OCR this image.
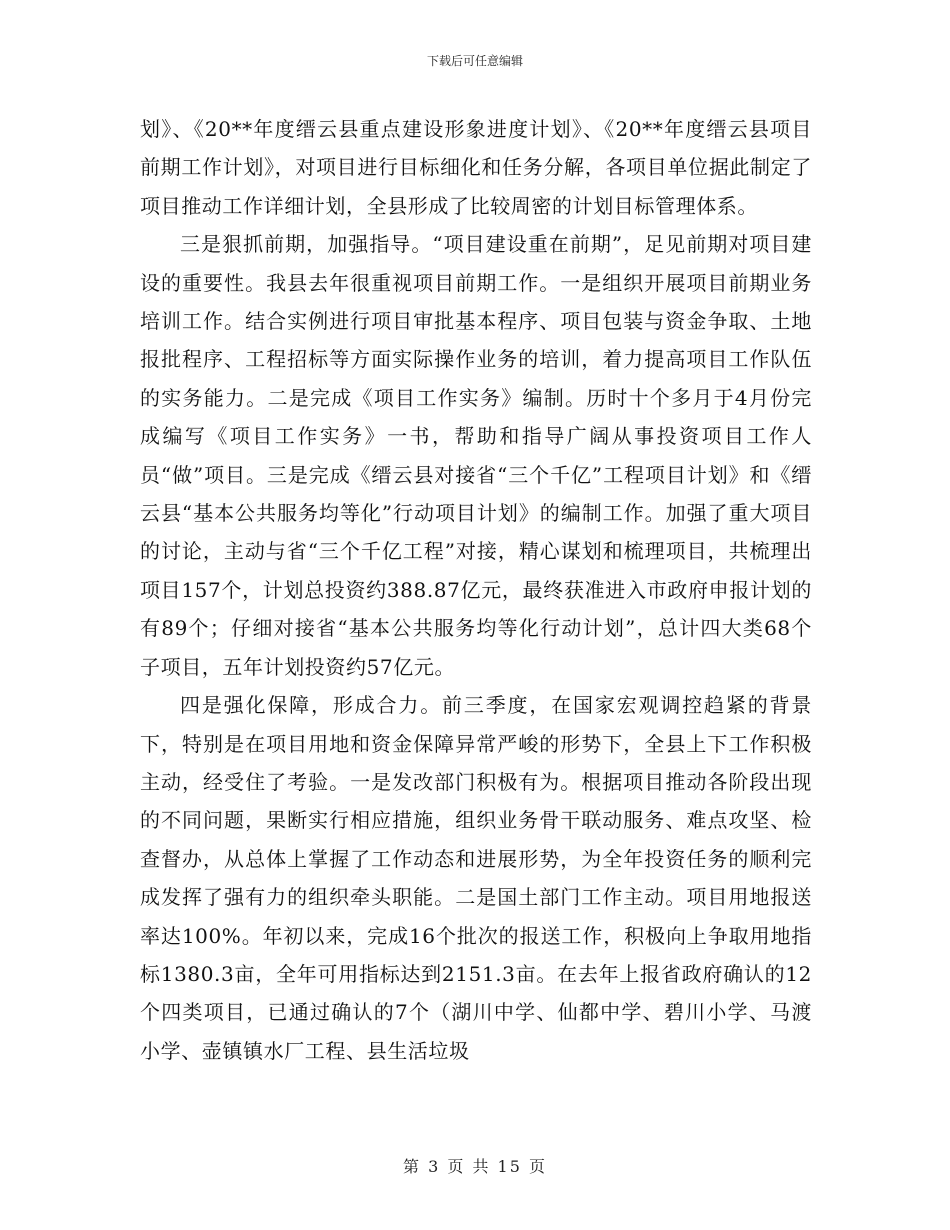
下载后可任意编辑

划》、《20**年度缙云县重点建设形象进度计划》、《20**年度缙云县项目前期工作计划》，对项目进行目标细化和任务分解，各项目单位据此制定了项目推动工作详细计划，全县形成了比较周密的计划目标管理体系。

三是狠抓前期，加强指导。“项目建设重在前期”，足见前期对项目建设的重要性。我县去年很重视项目前期工作。一是组织开展项目前期业务培训工作。结合实例进行项目审批基本程序、项目包装与资金争取、土地报批程序、工程招标等方面实际操作业务的培训，着力提高项目工作队伍的实务能力。二是完成《项目工作实务》编制。历时十个多月于4月份完成编写《项目工作实务》一书，帮助和指导广阔从事投资项目工作人员“做”项目。三是完成《缙云县对接省“三个千亿”工程项目计划》和《缙云县“基本公共服务均等化”行动项目计划》的编制工作。加强了重大项目的讨论，主动与省“三个千亿工程”对接，精心谋划和梳理项目，共梳理出项目157个，计划总投资约388.87亿元，最终获准进入市政府申报计划的有89个；仔细对接省“基本公共服务均等化行动计划”，总计四大类68个子项目，五年计划投资约57亿元。

四是强化保障，形成合力。前三季度，在国家宏观调控趋紧的背景下，特别是在项目用地和资金保障异常严峻的形势下，全县上下工作积极主动，经受住了考验。一是发改部门积极有为。根据项目推动各阶段出现的不同问题，果断实行相应措施，组织业务骨干联动服务、难点攻坚、检查督办，从总体上掌握了工作动态和进展形势，为全年投资任务的顺利完成发挥了强有力的组织牵头职能。二是国土部门工作主动。项目用地报送率达100%。年初以来，完成16个批次的报送工作，积极向上争取用地指标1380.3亩，全年可用指标达到2151.3亩。在去年上报省政府确认的12个四类项目，已通过确认的7个（湖川中学、仙都中学、碧川小学、马渡小学、壶镇镇水厂工程、县生活垃圾

第 3 页 共 15 页
